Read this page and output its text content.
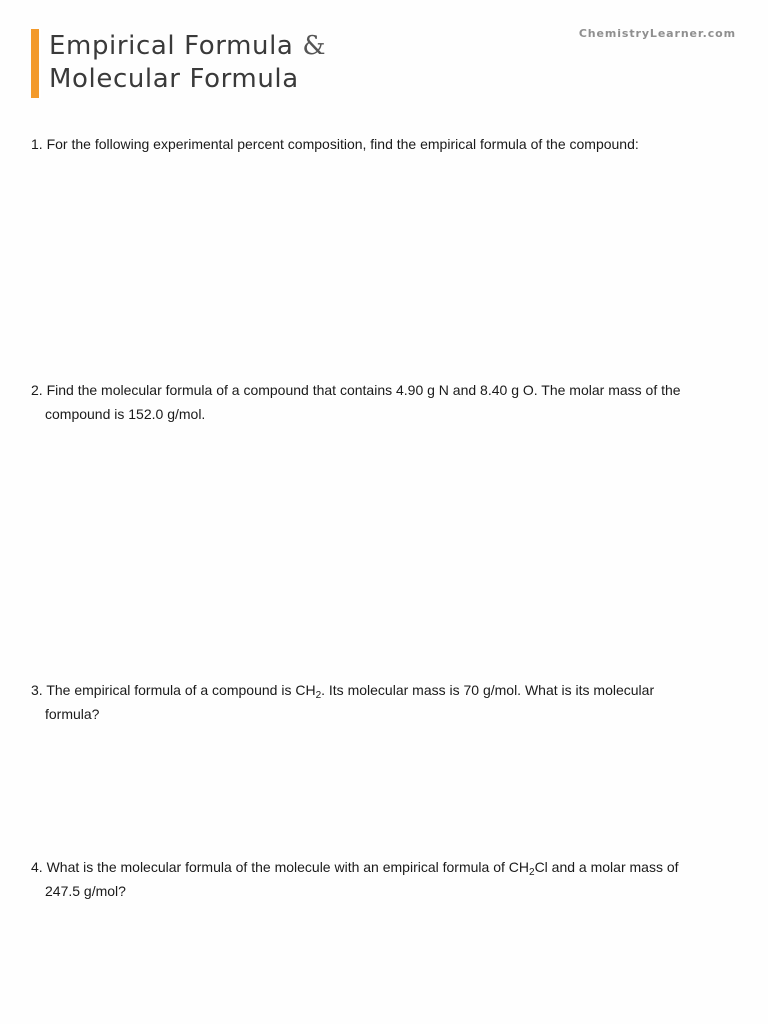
Empirical Formula &
Molecular Formula
ChemistryLearner.com
1. For the following experimental percent composition, find the empirical formula of the compound:
2. Find the molecular formula of a compound that contains 4.90 g N and 8.40 g O. The molar mass of the
compound is 152.0 g/mol.
3. The empirical formula of a compound is $CH_2$. Its molecular mass is 70 g/mol. What is its molecular
formula?
4. What is the molecular formula of the molecule with an empirical formula of $CH_2Cl$ and a molar mass of
247.5 g/mol?
